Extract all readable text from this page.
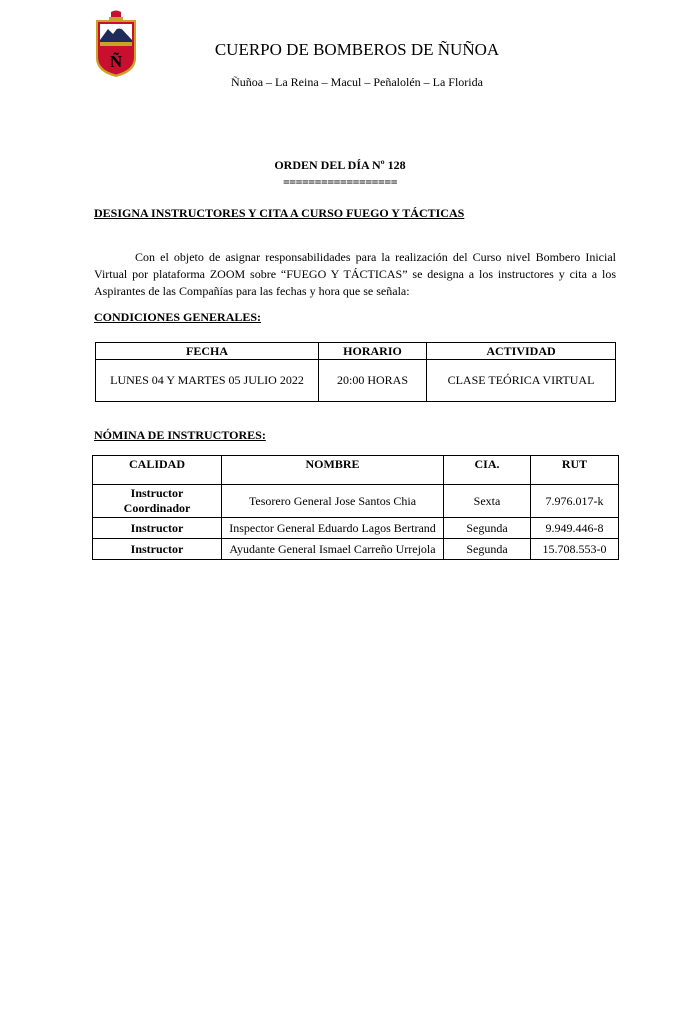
Ñ
CUERPO DE BOMBEROS DE ÑUÑOA
Ñuñoa – La Reina – Macul – Peñalolén – La Florida
ORDEN DEL DÍA Nº 128
==================
DESIGNA INSTRUCTORES Y CITA A CURSO FUEGO Y TÁCTICAS

Con el objeto de asignar responsabilidades para la realización del Curso nivel Bombero Inicial Virtual por plataforma ZOOM sobre “FUEGO Y TÁCTICAS” se designa a los instructores y cita a los Aspirantes de las Compañías para las fechas y hora que se señala:

CONDICIONES GENERALES:
FECHA	HORARIO	ACTIVIDAD
LUNES 04 Y MARTES 05 JULIO 2022	20:00 HORAS	CLASE TEÓRICA VIRTUAL
NÓMINA DE INSTRUCTORES:
CALIDAD	NOMBRE	CIA.	RUT

Instructor
Coordinador	Tesorero General Jose Santos Chia	Sexta	7.976.017-k
Instructor	Inspector General Eduardo Lagos Bertrand	Segunda	9.949.446-8
Instructor	Ayudante General Ismael Carreño Urrejola	Segunda	15.708.553-0
